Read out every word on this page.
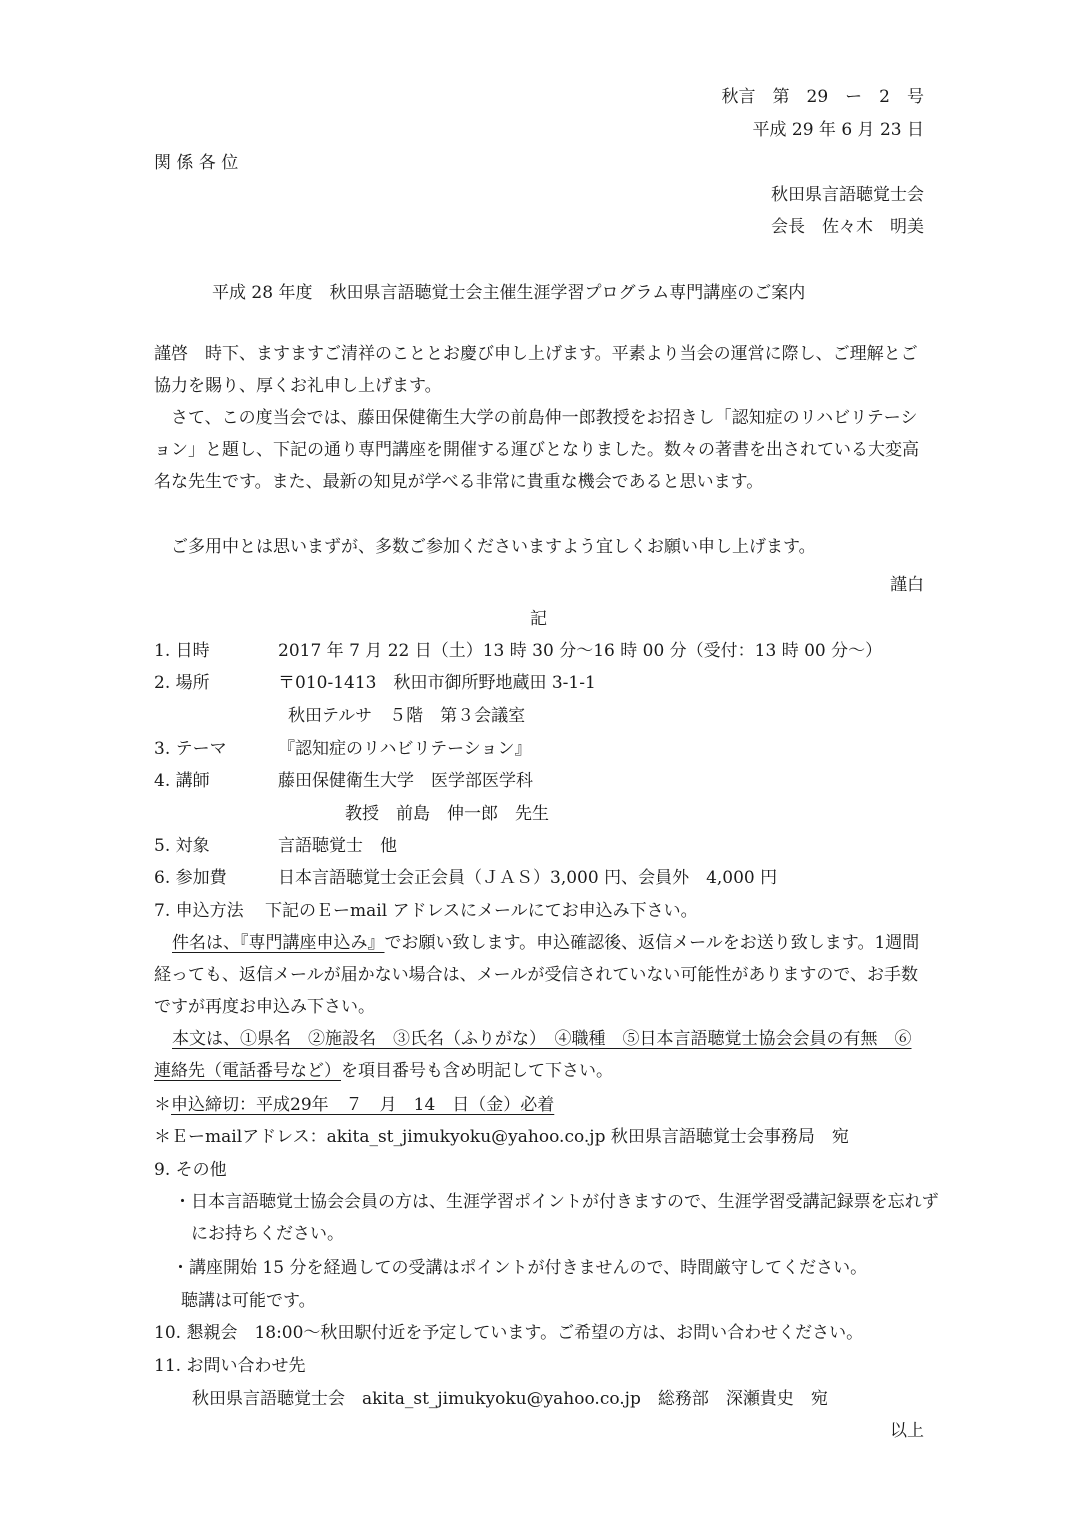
秋言　第　29　ー　2　号
平成 29 年 6 月 23 日
関 係 各 位
秋田県言語聴覚士会
会長　佐々木　明美
平成 28 年度　秋田県言語聴覚士会主催生涯学習プログラム専門講座のご案内
謹啓　時下、ますますご清祥のこととお慶び申し上げます。平素より当会の運営に際し、ご理解とご協力を賜り、厚くお礼申し上げます。
　さて、この度当会では、藤田保健衛生大学の前島伸一郎教授をお招きし「認知症のリハビリテーション」と題し、下記の通り専門講座を開催する運びとなりました。数々の著書を出されている大変高名な先生です。また、最新の知見が学べる非常に貴重な機会であると思います。
　ご多用中とは思いまずが、多数ご参加くださいますよう宜しくお願い申し上げます。
謹白
記
1. 日時	2017 年 7 月 22 日（土）13 時 30 分～16 時 00 分（受付：13 時 00 分～）
2. 場所	〒010-1413　秋田市御所野地蔵田 3-1-1
秋田テルサ　５階　第３会議室
3. テーマ	『認知症のリハビリテーション』
4. 講師	藤田保健衛生大学　医学部医学科
教授　前島　伸一郎　先生
5. 対象	言語聴覚士　他
6. 参加費	日本言語聴覚士会正会員（ＪＡＳ）3,000 円、会員外　4,000 円
7. 申込方法 下記のＥーmail アドレスにメールにてお申込み下さい。
件名は、『専門講座申込み』でお願い致します。申込確認後、返信メールをお送り致します。1週間経っても、返信メールが届かない場合は、メールが受信されていない可能性がありますので、お手数ですが再度お申込み下さい。
本文は、①県名　②施設名　③氏名（ふりがな）　④職種　⑤日本言語聴覚士協会会員の有無　⑥連絡先（電話番号など）を項目番号も含め明記して下さい。
＊申込締切：平成29年　７　月　14　日（金）必着
＊Ｅーmailアドレス：akita_st_jimukyoku@yahoo.co.jp 秋田県言語聴覚士会事務局　宛
9. その他
・日本言語聴覚士協会会員の方は、生涯学習ポイントが付きますので、生涯学習受講記録票を忘れずにお持ちください。
・講座開始 15 分を経過しての受講はポイントが付きませんので、時間厳守してください。
聴講は可能です。
10. 懇親会　18:00～秋田駅付近を予定しています。ご希望の方は、お問い合わせください。
11. お問い合わせ先
秋田県言語聴覚士会　akita_st_jimukyoku@yahoo.co.jp　総務部　深瀬貴史　宛
以上
